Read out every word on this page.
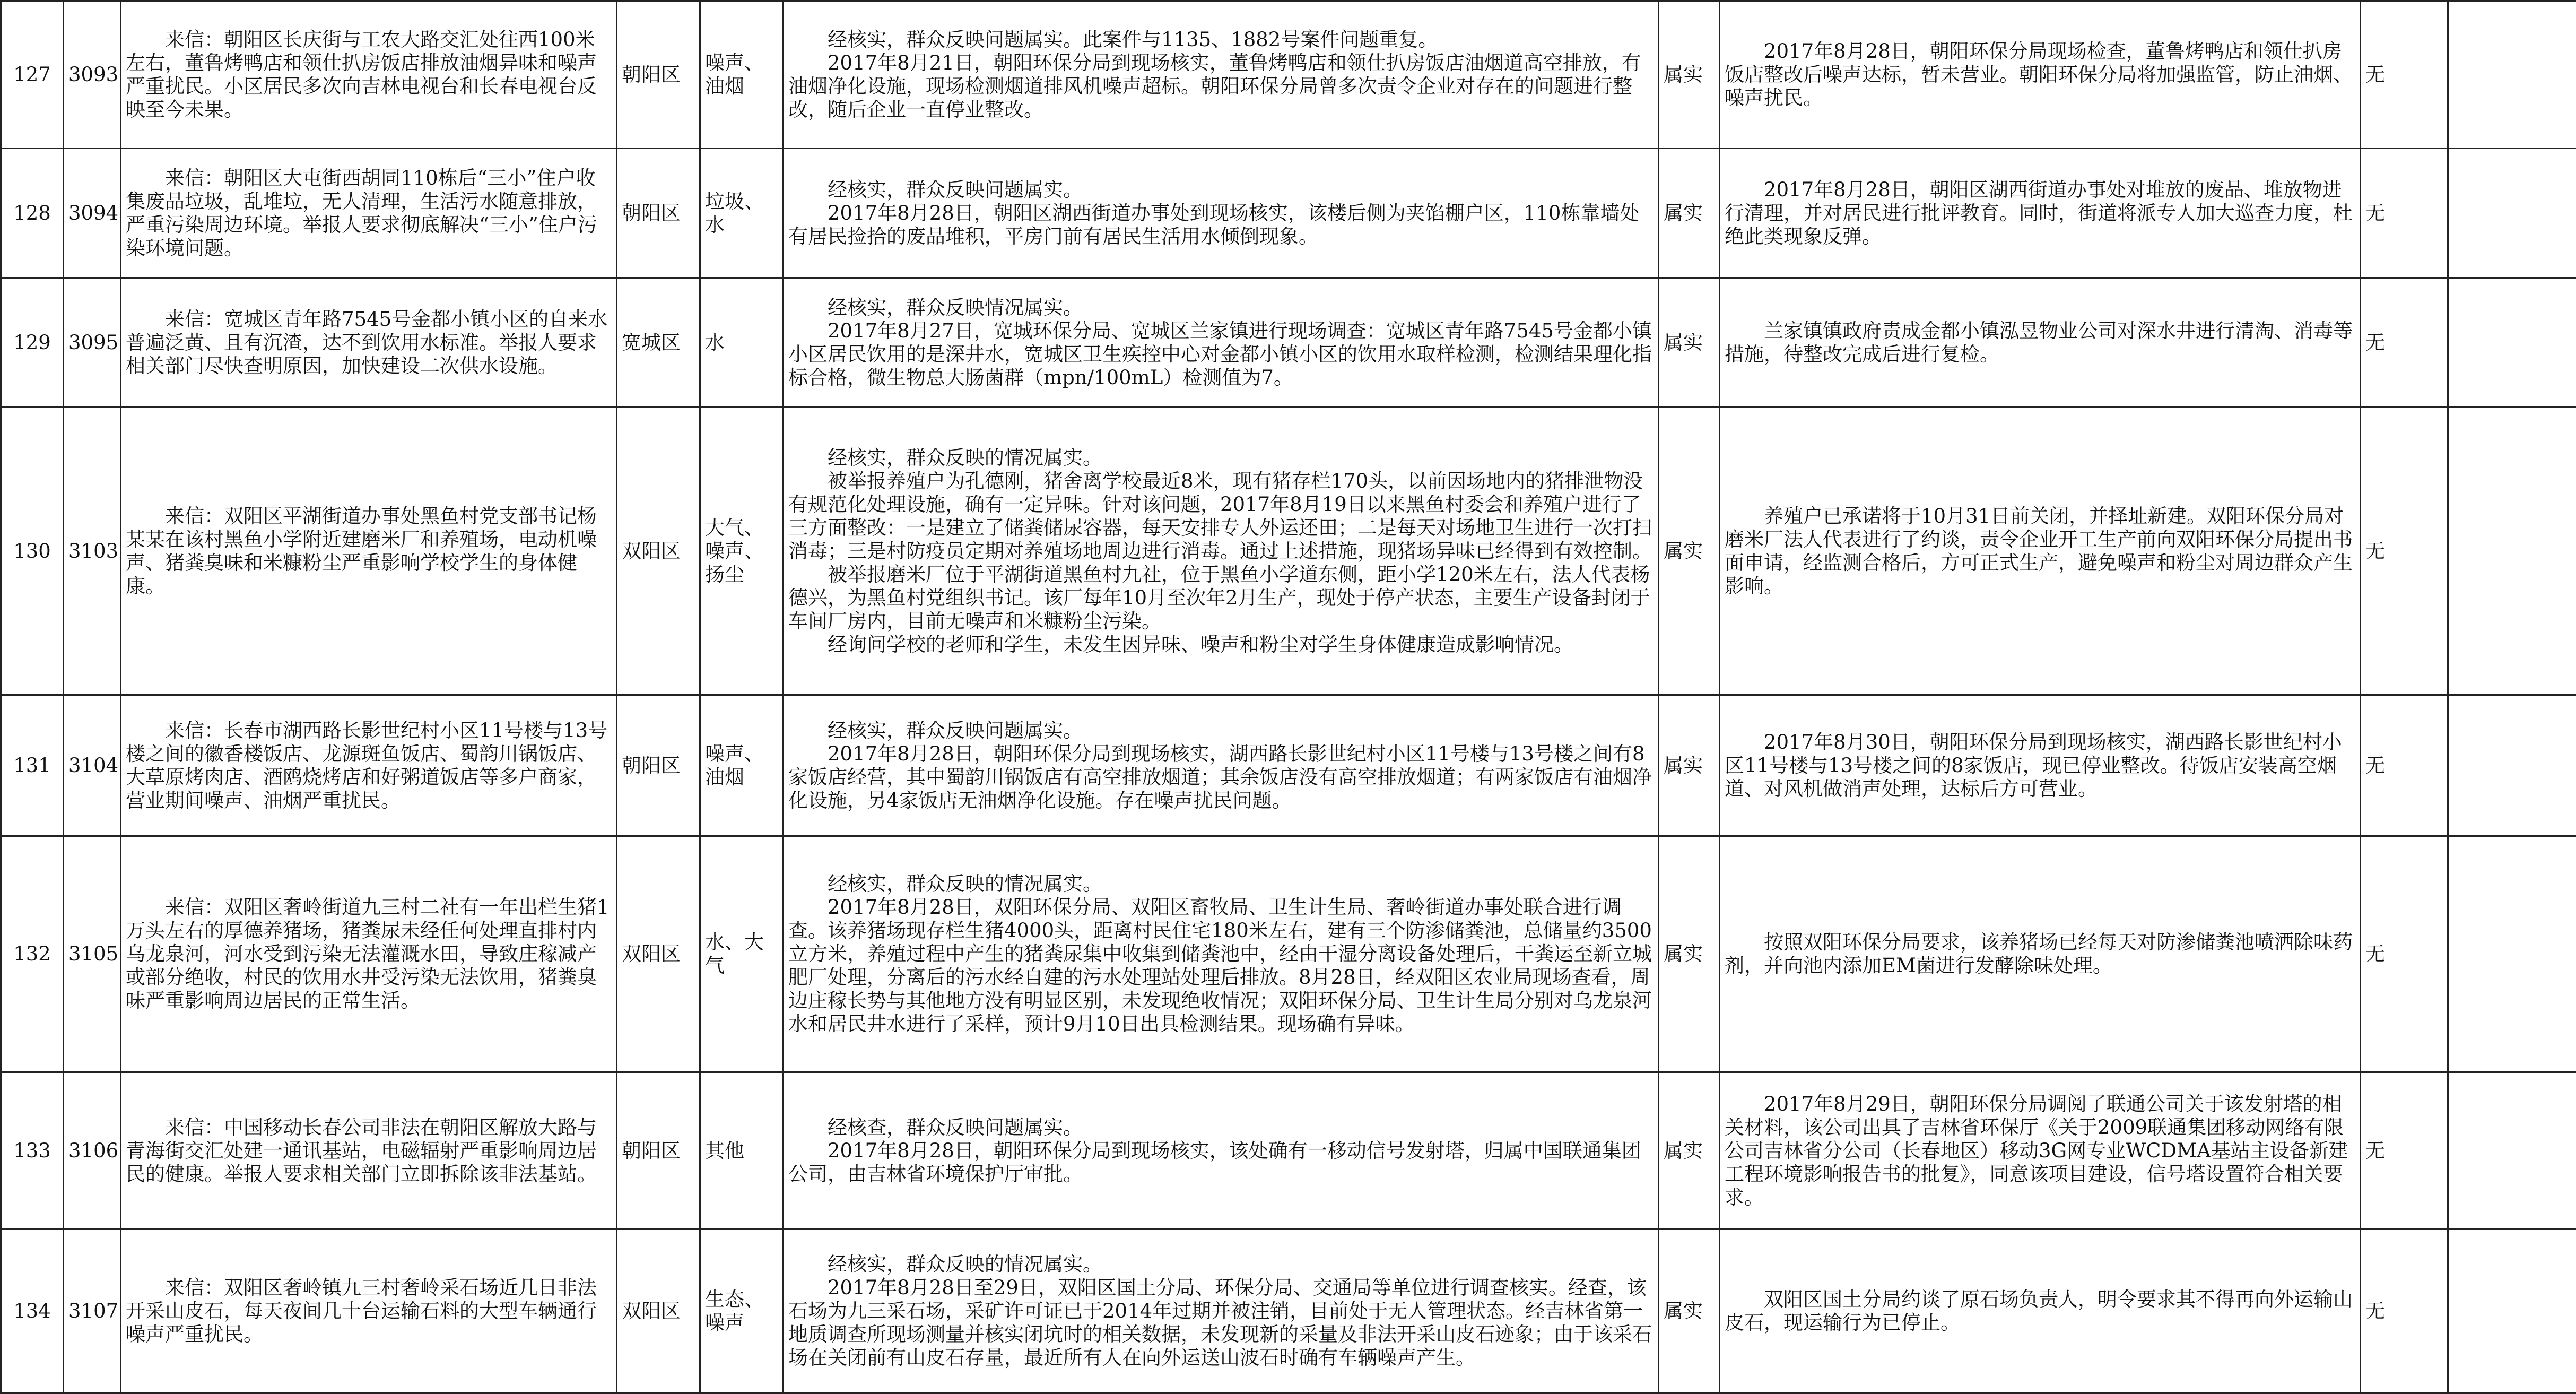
127	3093	来信：朝阳区长庆街与工农大路交汇处往西100米左右，董鲁烤鸭店和领仕扒房饭店排放油烟异味和噪声严重扰民。小区居民多次向吉林电视台和长春电视台反映至今未果。	朝阳区	噪声、油烟	经核实，群众反映问题属实。此案件与1135、1882号案件问题重复。
2017年8月21日，朝阳环保分局到现场核实，董鲁烤鸭店和领仕扒房饭店油烟道高空排放，有油烟净化设施，现场检测烟道排风机噪声超标。朝阳环保分局曾多次责令企业对存在的问题进行整改，随后企业一直停业整改。	属实	2017年8月28日，朝阳环保分局现场检查，董鲁烤鸭店和领仕扒房饭店整改后噪声达标，暂未营业。朝阳环保分局将加强监管，防止油烟、噪声扰民。	无	
128	3094	来信：朝阳区大屯街西胡同110栋后“三小”住户收集废品垃圾，乱堆垃，无人清理，生活污水随意排放，严重污染周边环境。举报人要求彻底解决“三小”住户污染环境问题。	朝阳区	垃圾、水	经核实，群众反映问题属实。
2017年8月28日，朝阳区湖西街道办事处到现场核实，该楼后侧为夹馅棚户区，110栋靠墙处有居民捡拾的废品堆积，平房门前有居民生活用水倾倒现象。	属实	2017年8月28日，朝阳区湖西街道办事处对堆放的废品、堆放物进行清理，并对居民进行批评教育。同时，街道将派专人加大巡查力度，杜绝此类现象反弹。	无	
129	3095	来信：宽城区青年路7545号金都小镇小区的自来水普遍泛黄、且有沉渣，达不到饮用水标准。举报人要求相关部门尽快查明原因，加快建设二次供水设施。	宽城区	水	经核实，群众反映情况属实。
2017年8月27日，宽城环保分局、宽城区兰家镇进行现场调查：宽城区青年路7545号金都小镇小区居民饮用的是深井水，宽城区卫生疾控中心对金都小镇小区的饮用水取样检测，检测结果理化指标合格，微生物总大肠菌群（mpn/100mL）检测值为7。	属实	兰家镇镇政府责成金都小镇泓昱物业公司对深水井进行清淘、消毒等措施，待整改完成后进行复检。	无	
130	3103	来信：双阳区平湖街道办事处黑鱼村党支部书记杨某某在该村黑鱼小学附近建磨米厂和养殖场，电动机噪声、猪粪臭味和米糠粉尘严重影响学校学生的身体健康。	双阳区	大气、噪声、扬尘	经核实，群众反映的情况属实。
被举报养殖户为孔德刚，猪舍离学校最近8米，现有猪存栏170头，以前因场地内的猪排泄物没有规范化处理设施，确有一定异味。针对该问题，2017年8月19日以来黑鱼村委会和养殖户进行了三方面整改：一是建立了储粪储尿容器，每天安排专人外运还田；二是每天对场地卫生进行一次打扫消毒；三是村防疫员定期对养殖场地周边进行消毒。通过上述措施，现猪场异味已经得到有效控制。
被举报磨米厂位于平湖街道黑鱼村九社，位于黑鱼小学道东侧，距小学120米左右，法人代表杨德兴，为黑鱼村党组织书记。该厂每年10月至次年2月生产，现处于停产状态，主要生产设备封闭于车间厂房内，目前无噪声和米糠粉尘污染。
经询问学校的老师和学生，未发生因异味、噪声和粉尘对学生身体健康造成影响情况。	属实	养殖户已承诺将于10月31日前关闭，并择址新建。双阳环保分局对磨米厂法人代表进行了约谈，责令企业开工生产前向双阳环保分局提出书面申请，经监测合格后，方可正式生产，避免噪声和粉尘对周边群众产生影响。	无	
131	3104	来信：长春市湖西路长影世纪村小区11号楼与13号楼之间的徽香楼饭店、龙源斑鱼饭店、蜀韵川锅饭店、大草原烤肉店、酒鸥烧烤店和好粥道饭店等多户商家，营业期间噪声、油烟严重扰民。	朝阳区	噪声、油烟	经核实，群众反映问题属实。
2017年8月28日，朝阳环保分局到现场核实，湖西路长影世纪村小区11号楼与13号楼之间有8家饭店经营，其中蜀韵川锅饭店有高空排放烟道；其余饭店没有高空排放烟道；有两家饭店有油烟净化设施，另4家饭店无油烟净化设施。存在噪声扰民问题。	属实	2017年8月30日，朝阳环保分局到现场核实，湖西路长影世纪村小区11号楼与13号楼之间的8家饭店，现已停业整改。待饭店安装高空烟道、对风机做消声处理，达标后方可营业。	无	
132	3105	来信：双阳区奢岭街道九三村二社有一年出栏生猪1万头左右的厚德养猪场，猪粪尿未经任何处理直排村内乌龙泉河，河水受到污染无法灌溉水田，导致庄稼减产或部分绝收，村民的饮用水井受污染无法饮用，猪粪臭味严重影响周边居民的正常生活。	双阳区	水、大气	经核实，群众反映的情况属实。
2017年8月28日，双阳环保分局、双阳区畜牧局、卫生计生局、奢岭街道办事处联合进行调查。该养猪场现存栏生猪4000头，距离村民住宅180米左右，建有三个防渗储粪池，总储量约3500立方米，养殖过程中产生的猪粪尿集中收集到储粪池中，经由干湿分离设备处理后，干粪运至新立城肥厂处理，分离后的污水经自建的污水处理站处理后排放。8月28日，经双阳区农业局现场查看，周边庄稼长势与其他地方没有明显区别，未发现绝收情况；双阳环保分局、卫生计生局分别对乌龙泉河水和居民井水进行了采样，预计9月10日出具检测结果。现场确有异味。	属实	按照双阳环保分局要求，该养猪场已经每天对防渗储粪池喷洒除味药剂，并向池内添加EM菌进行发酵除味处理。	无	
133	3106	来信：中国移动长春公司非法在朝阳区解放大路与青海街交汇处建一通讯基站，电磁辐射严重影响周边居民的健康。举报人要求相关部门立即拆除该非法基站。	朝阳区	其他	经核查，群众反映问题属实。
2017年8月28日，朝阳环保分局到现场核实，该处确有一移动信号发射塔，归属中国联通集团公司，由吉林省环境保护厅审批。	属实	2017年8月29日，朝阳环保分局调阅了联通公司关于该发射塔的相关材料，该公司出具了吉林省环保厅《关于2009联通集团移动网络有限公司吉林省分公司（长春地区）移动3G网专业WCDMA基站主设备新建工程环境影响报告书的批复》，同意该项目建设，信号塔设置符合相关要求。	无	
134	3107	来信：双阳区奢岭镇九三村奢岭采石场近几日非法开采山皮石，每天夜间几十台运输石料的大型车辆通行噪声严重扰民。	双阳区	生态、噪声	经核实，群众反映的情况属实。
2017年8月28日至29日，双阳区国土分局、环保分局、交通局等单位进行调查核实。经查，该石场为九三采石场，采矿许可证已于2014年过期并被注销，目前处于无人管理状态。经吉林省第一地质调查所现场测量并核实闭坑时的相关数据，未发现新的采量及非法开采山皮石迹象；由于该采石场在关闭前有山皮石存量，最近所有人在向外运送山波石时确有车辆噪声产生。	属实	双阳区国土分局约谈了原石场负责人，明令要求其不得再向外运输山皮石，现运输行为已停止。	无	
